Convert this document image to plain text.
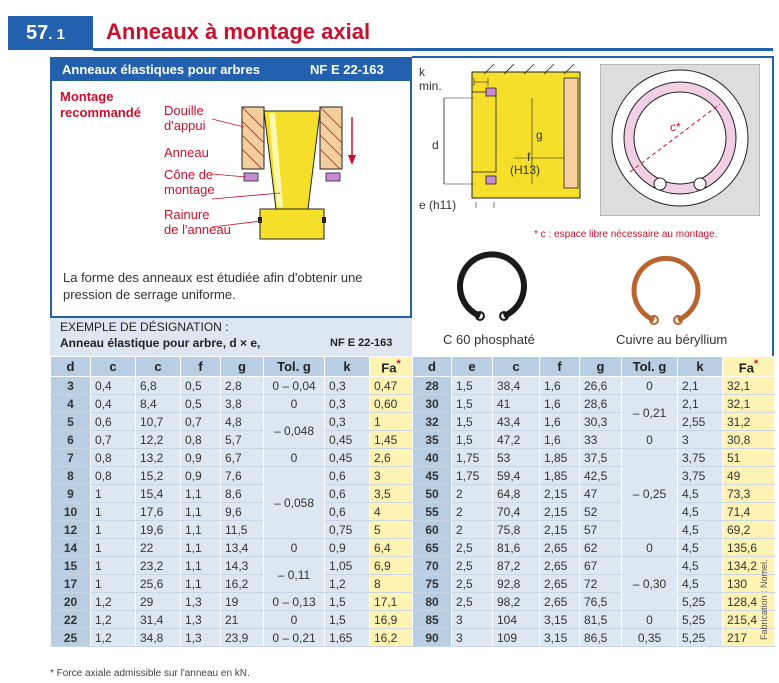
57. 1	Anneaux à montage axial
Anneaux élastiques pour arbres	NF E 22-163
Montage
recommandé Douille
d'appui
Anneau
Cône de
montage
Rainure
de l'anneau
La forme des anneaux est étudiée afin d'obtenir une pression de serrage uniforme.
EXEMPLE DE DÉSIGNATION :
Anneau élastique pour arbre, d × e,	NF E 22-163
k
min.
d
g
f
(H13)
e (h11)
c*
* c : espace libre nécessaire au montage.
C 60 phosphaté	Cuivre au béryllium
d	c	c	f	g	Tol. g	k	Fa*	d	e	c	f	g	Tol. g	k	Fa*
3	0,4	6,8	0,5	2,8	0 – 0,04	0,3	0,47	28	1,5	38,4	1,6	26,6	0	2,1	32,1
4	0,4	8,4	0,5	3,8	0	0,3	0,60	30	1,5	41	1,6	28,6	– 0,21	2,1	32,1
5	0,6	10,7	0,7	4,8	– 0,048	0,3	1	32	1,5	43,4	1,6	30,3		2,55	31,2
6	0,7	12,2	0,8	5,7		0,45	1,45	35	1,5	47,2	1,6	33	0	3	30,8
7	0,8	13,2	0,9	6,7	0	0,45	2,6	40	1,75	53	1,85	37,5	– 0,25	3,75	51
8	0,8	15,2	0,9	7,6	– 0,058	0,6	3	45	1,75	59,4	1,85	42,5		3,75	49
9	1	15,4	1,1	8,6		0,6	3,5	50	2	64,8	2,15	47		4,5	73,3
10	1	17,6	1,1	9,6		0,6	4	55	2	70,4	2,15	52		4,5	71,4
12	1	19,6	1,1	11,5		0,75	5	60	2	75,8	2,15	57		4,5	69,2
14	1	22	1,1	13,4	0	0,9	6,4	65	2,5	81,6	2,65	62	0	4,5	135,6
15	1	23,2	1,1	14,3	– 0,11	1,05	6,9	70	2,5	87,2	2,65	67	– 0,30	4,5	134,2
17	1	25,6	1,1	16,2		1,2	8	75	2,5	92,8	2,65	72		4,5	130
20	1,2	29	1,3	19	0 – 0,13	1,5	17,1	80	2,5	98,2	2,65	76,5		5,25	128,4
22	1,2	31,4	1,3	21	0	1,5	16,9	85	3	104	3,15	81,5	0	5,25	215,4
25	1,2	34,8	1,3	23,9	0 – 0,21	1,65	16,2	90	3	109	3,15	86,5	0,35	5,25	217
* Force axiale admissible sur l'anneau en kN.
Fabrication : Nomel.
